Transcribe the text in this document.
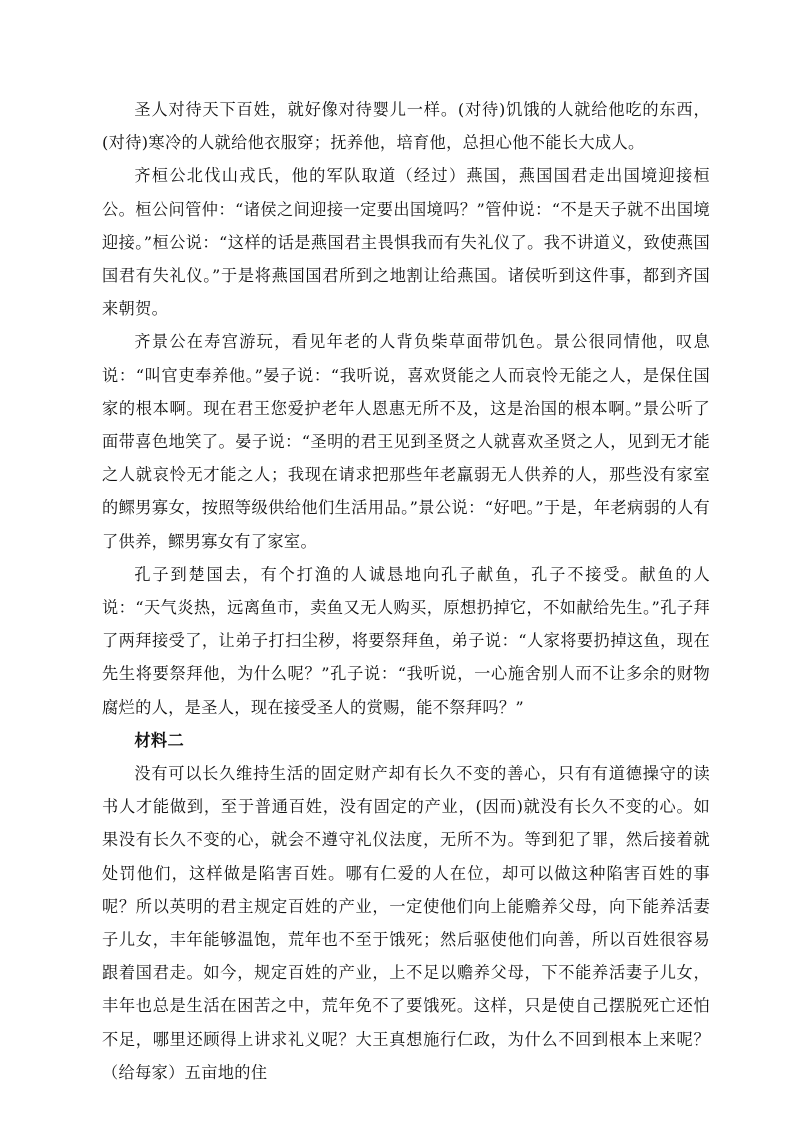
圣人对待天下百姓，就好像对待婴儿一样。(对待)饥饿的人就给他吃的东西，(对待)寒冷的人就给他衣服穿；抚养他，培育他，总担心他不能长大成人。

齐桓公北伐山戎氏，他的军队取道（经过）燕国，燕国国君走出国境迎接桓公。桓公问管仲：“诸侯之间迎接一定要出国境吗？”管仲说：“不是天子就不出国境迎接。”桓公说：“这样的话是燕国君主畏惧我而有失礼仪了。我不讲道义，致使燕国国君有失礼仪。”于是将燕国国君所到之地割让给燕国。诸侯听到这件事，都到齐国来朝贺。

齐景公在寿宫游玩，看见年老的人背负柴草面带饥色。景公很同情他，叹息说：“叫官吏奉养他。”晏子说：“我听说，喜欢贤能之人而哀怜无能之人，是保住国家的根本啊。现在君王您爱护老年人恩惠无所不及，这是治国的根本啊。”景公听了面带喜色地笑了。晏子说：“圣明的君王见到圣贤之人就喜欢圣贤之人，见到无才能之人就哀怜无才能之人；我现在请求把那些年老羸弱无人供养的人，那些没有家室的鳏男寡女，按照等级供给他们生活用品。”景公说：“好吧。”于是，年老病弱的人有了供养，鳏男寡女有了家室。

孔子到楚国去，有个打渔的人诚恳地向孔子献鱼，孔子不接受。献鱼的人说：“天气炎热，远离鱼市，卖鱼又无人购买，原想扔掉它，不如献给先生。”孔子拜了两拜接受了，让弟子打扫尘秽，将要祭拜鱼，弟子说：“人家将要扔掉这鱼，现在先生将要祭拜他，为什么呢？”孔子说：“我听说，一心施舍别人而不让多余的财物腐烂的人，是圣人，现在接受圣人的赏赐，能不祭拜吗？”

材料二

没有可以长久维持生活的固定财产却有长久不变的善心，只有有道德操守的读书人才能做到，至于普通百姓，没有固定的产业，(因而)就没有长久不变的心。如果没有长久不变的心，就会不遵守礼仪法度，无所不为。等到犯了罪，然后接着就处罚他们，这样做是陷害百姓。哪有仁爱的人在位，却可以做这种陷害百姓的事呢？所以英明的君主规定百姓的产业，一定使他们向上能赡养父母，向下能养活妻子儿女，丰年能够温饱，荒年也不至于饿死；然后驱使他们向善，所以百姓很容易跟着国君走。如今，规定百姓的产业，上不足以赡养父母，下不能养活妻子儿女，丰年也总是生活在困苦之中，荒年免不了要饿死。这样，只是使自己摆脱死亡还怕不足，哪里还顾得上讲求礼义呢？大王真想施行仁政，为什么不回到根本上来呢？（给每家）五亩地的住
